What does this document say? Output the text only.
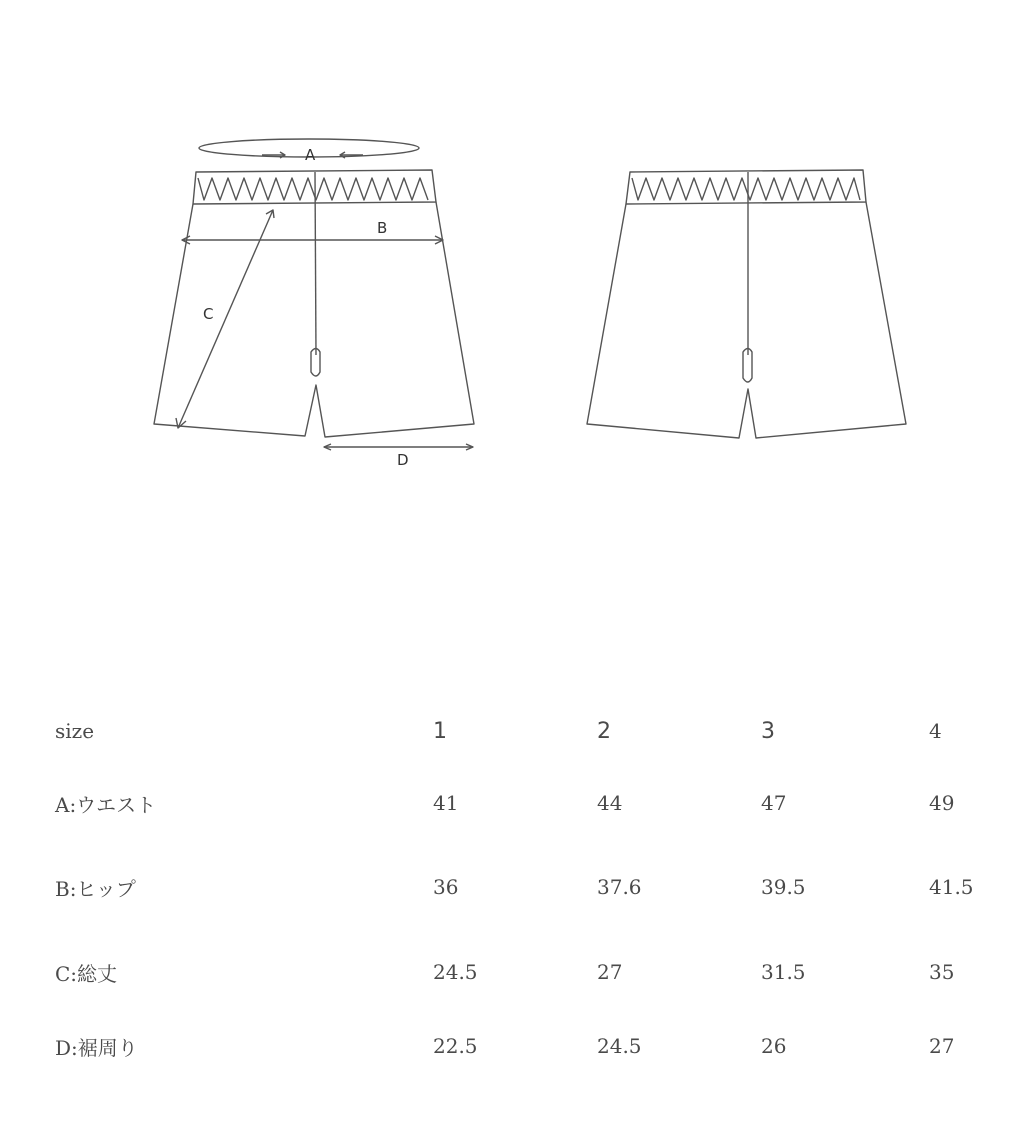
A
B
C
D
size	1	2	3	4
A:ウエスト	41	44	47	49
B:ヒップ	36	37.6	39.5	41.5
C:総丈	24.5	27	31.5	35
D:裾周り	22.5	24.5	26	27
